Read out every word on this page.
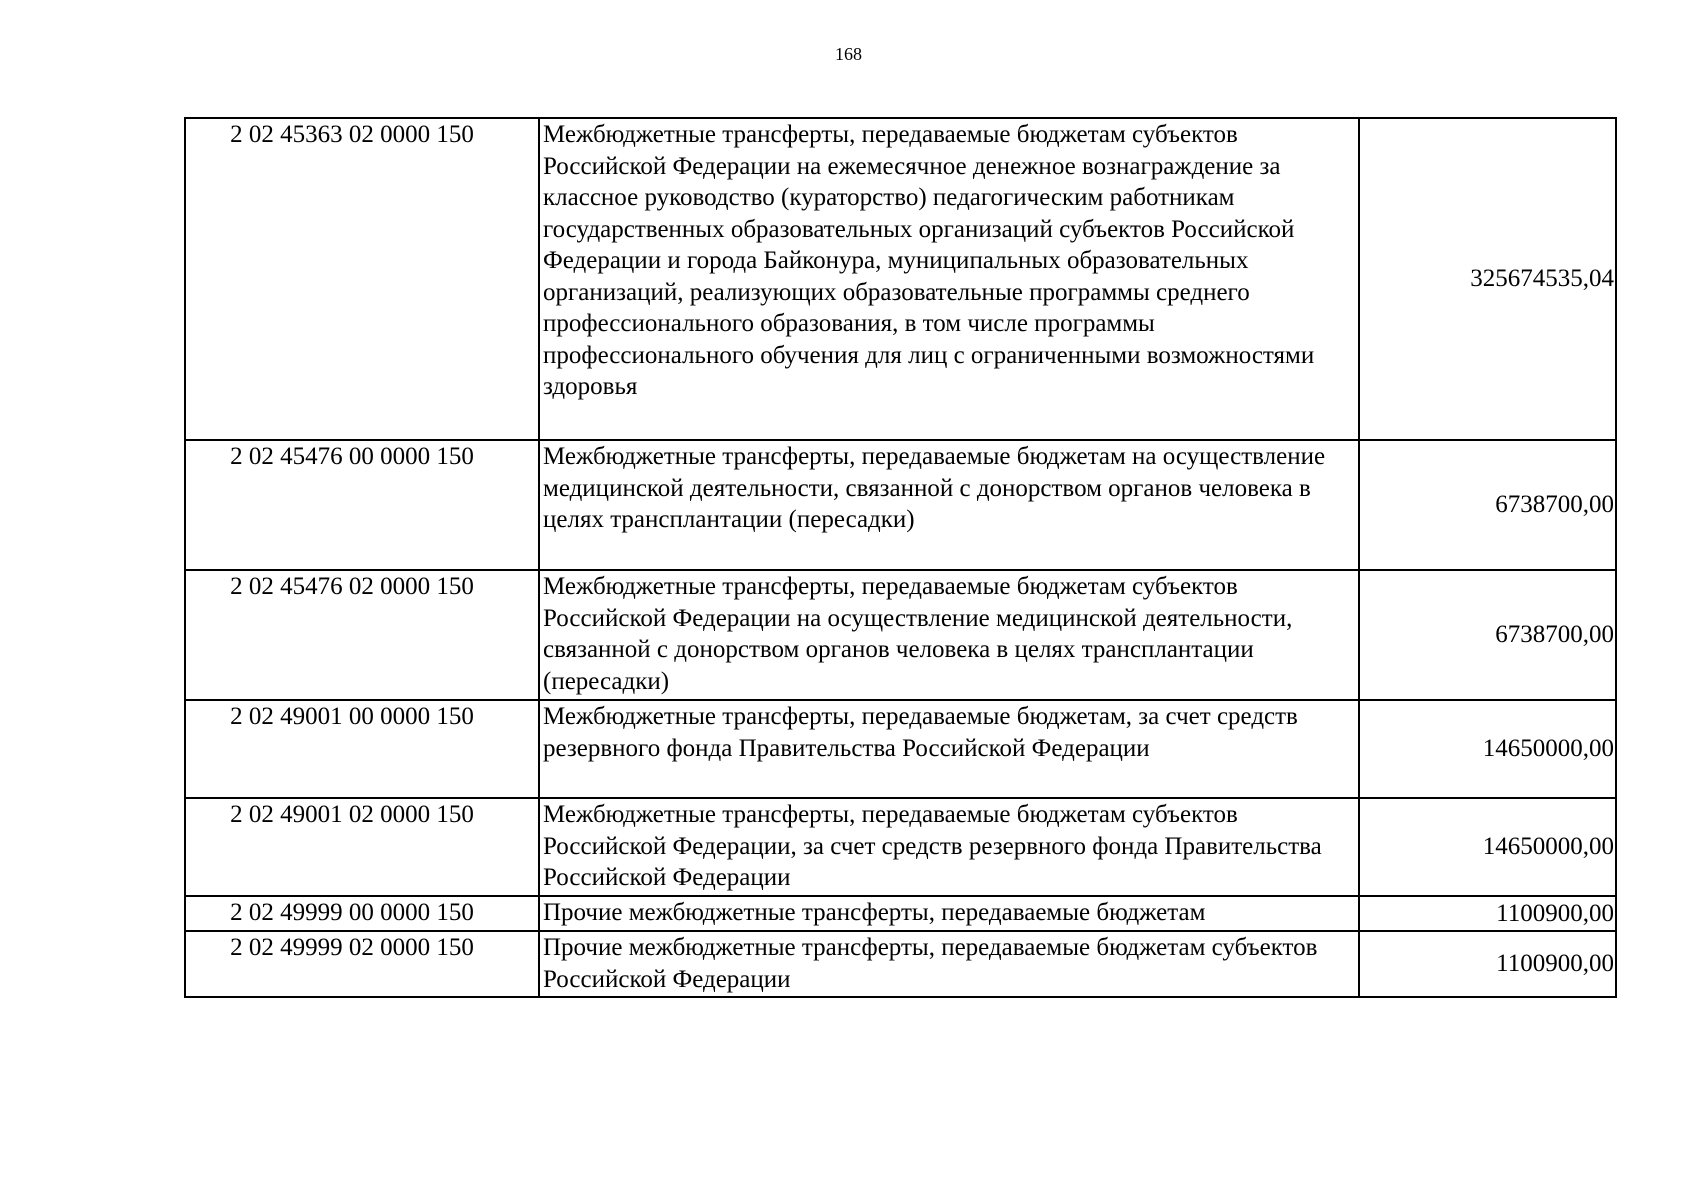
168
2 02 45363 02 0000 150	Межбюджетные трансферты, передаваемые бюджетам субъектов Российской Федерации на ежемесячное денежное вознаграждение за классное руководство (кураторство) педагогическим работникам государственных образовательных организаций субъектов Российской Федерации и города Байконура, муниципальных образовательных организаций, реализующих образовательные программы среднего профессионального образования, в том числе программы профессионального обучения для лиц с ограниченными возможностями здоровья	325674535,04
2 02 45476 00 0000 150	Межбюджетные трансферты, передаваемые бюджетам на осуществление медицинской деятельности, связанной с донорством органов человека в целях трансплантации (пересадки)	6738700,00
2 02 45476 02 0000 150	Межбюджетные трансферты, передаваемые бюджетам субъектов Российской Федерации на осуществление медицинской деятельности, связанной с донорством органов человека в целях трансплантации (пересадки)	6738700,00
2 02 49001 00 0000 150	Межбюджетные трансферты, передаваемые бюджетам, за счет средств резервного фонда Правительства Российской Федерации	14650000,00
2 02 49001 02 0000 150	Межбюджетные трансферты, передаваемые бюджетам субъектов Российской Федерации, за счет средств резервного фонда Правительства Российской Федерации	14650000,00
2 02 49999 00 0000 150	Прочие межбюджетные трансферты, передаваемые бюджетам	1100900,00
2 02 49999 02 0000 150	Прочие межбюджетные трансферты, передаваемые бюджетам субъектов Российской Федерации	1100900,00
